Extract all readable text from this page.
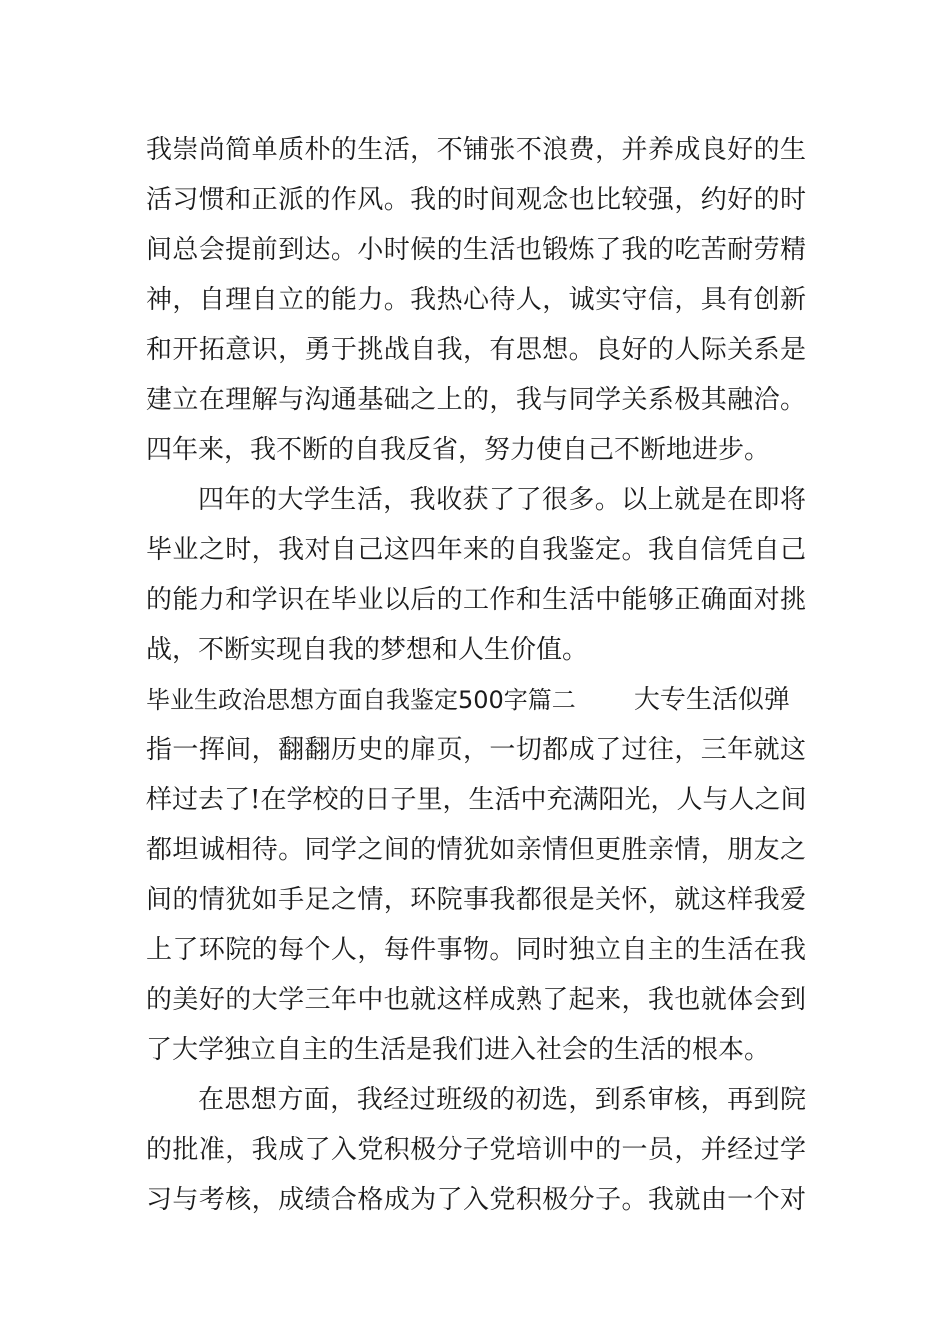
我崇尚简单质朴的生活，不铺张不浪费，并养成良好的生
活习惯和正派的作风。我的时间观念也比较强，约好的时
间总会提前到达。小时候的生活也锻炼了我的吃苦耐劳精
神，自理自立的能力。我热心待人，诚实守信，具有创新
和开拓意识，勇于挑战自我，有思想。良好的人际关系是
建立在理解与沟通基础之上的，我与同学关系极其融洽。
四年来，我不断的自我反省，努力使自己不断地进步。
四年的大学生活，我收获了了很多。以上就是在即将
毕业之时，我对自己这四年来的自我鉴定。我自信凭自己
的能力和学识在毕业以后的工作和生活中能够正确面对挑
战，不断实现自我的梦想和人生价值。
毕业生政治思想方面自我鉴定500字篇二 大专生活似弹
指一挥间，翻翻历史的扉页，一切都成了过往，三年就这
样过去了!在学校的日子里，生活中充满阳光，人与人之间
都坦诚相待。同学之间的情犹如亲情但更胜亲情，朋友之
间的情犹如手足之情，环院事我都很是关怀，就这样我爱
上了环院的每个人，每件事物。同时独立自主的生活在我
的美好的大学三年中也就这样成熟了起来，我也就体会到
了大学独立自主的生活是我们进入社会的生活的根本。
在思想方面，我经过班级的初选，到系审核，再到院
的批准，我成了入党积极分子党培训中的一员，并经过学
习与考核，成绩合格成为了入党积极分子。我就由一个对
